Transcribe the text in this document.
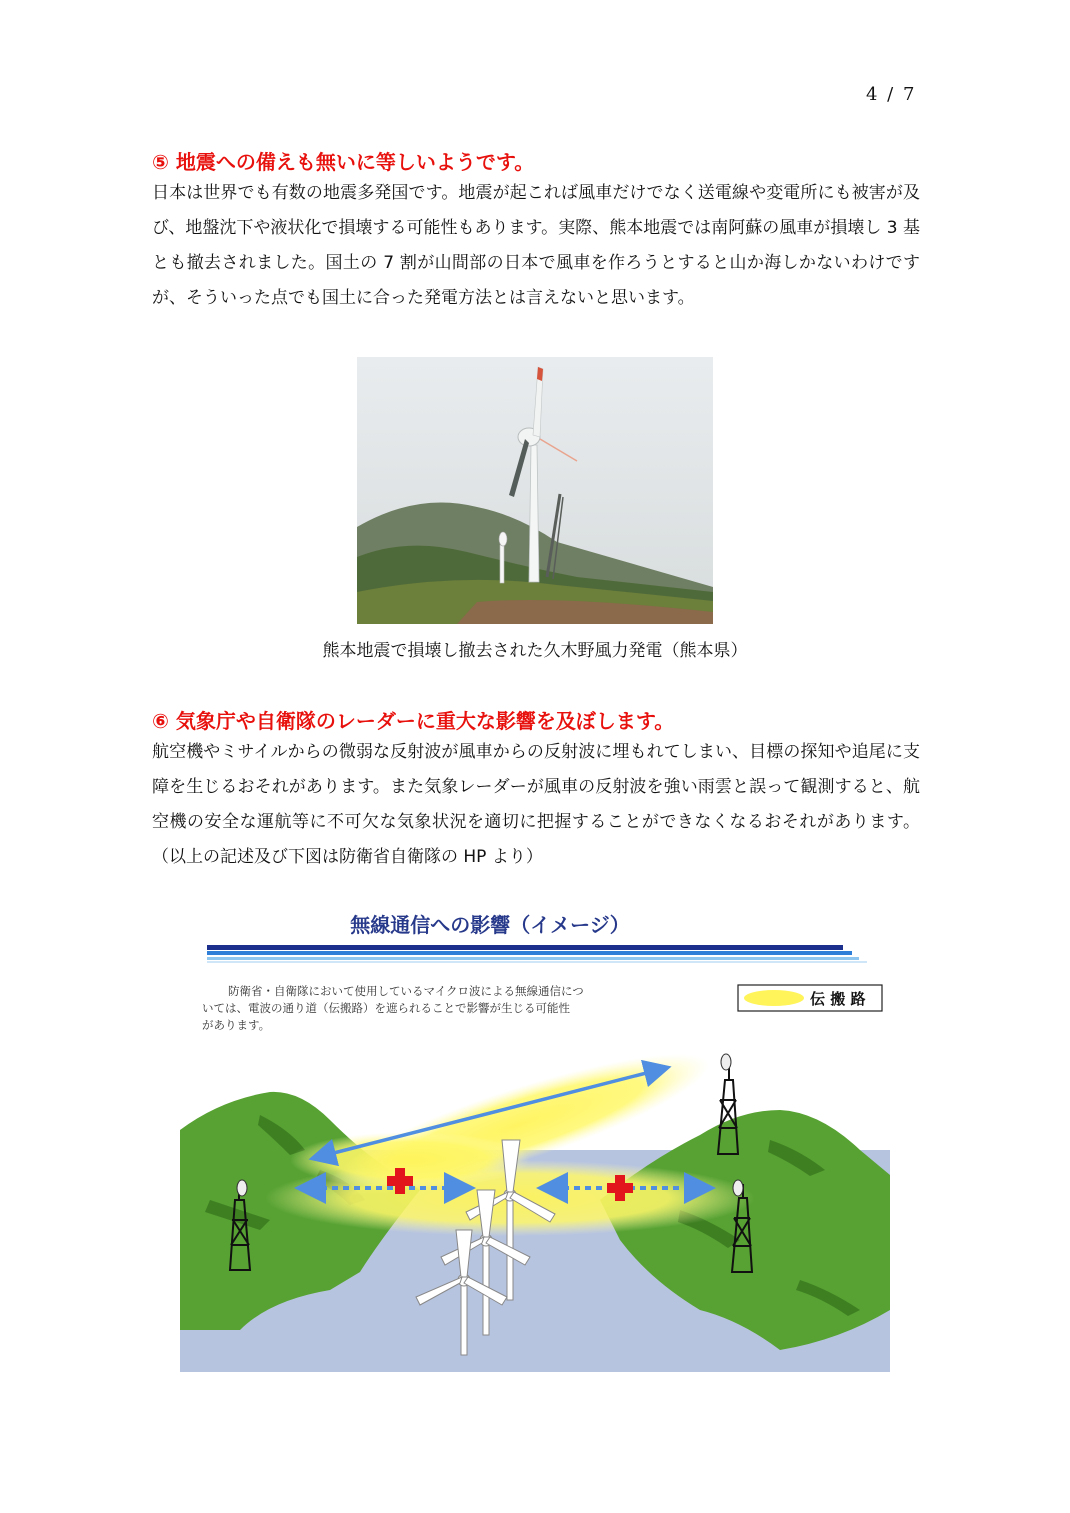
4 / 7
⑤ 地震への備えも無いに等しいようです。

日本は世界でも有数の地震多発国です。地震が起これば風車だけでなく送電線や変電所にも被害が及び、地盤沈下や液状化で損壊する可能性もあります。実際、熊本地震では南阿蘇の風車が損壊し 3 基とも撤去されました。国土の 7 割が山間部の日本で風車を作ろうとすると山か海しかないわけですが、そういった点でも国土に合った発電方法とは言えないと思います。

熊本地震で損壊し撤去された久木野風力発電（熊本県）
⑥ 気象庁や自衛隊のレーダーに重大な影響を及ぼします。

航空機やミサイルからの微弱な反射波が風車からの反射波に埋もれてしまい、目標の探知や追尾に支障を生じるおそれがあります。また気象レーダーが風車の反射波を強い雨雲と誤って観測すると、航空機の安全な運航等に不可欠な気象状況を適切に把握することができなくなるおそれがあります。（以上の記述及び下図は防衛省自衛隊の HP より）

無線通信への影響（イメージ）
防衛省・自衛隊において使用しているマイクロ波による無線通信につ
いては、電波の通り道（伝搬路）を遮られることで影響が生じる可能性
があります。
伝 搬 路
